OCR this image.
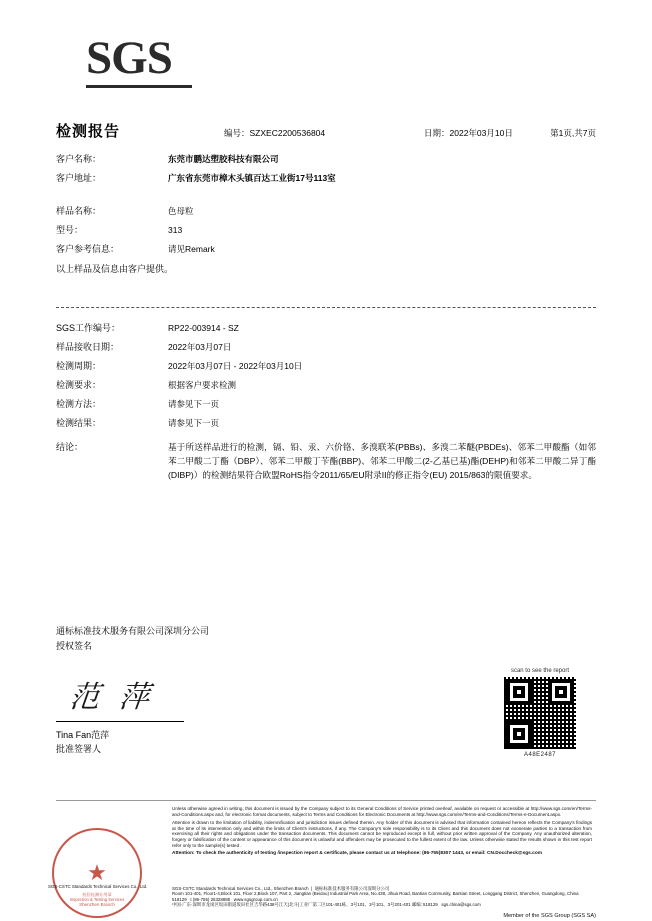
SGS
检测报告	编号：SZXEC2200536804	日期：2022年03月10日	第1页,共7页
客户名称：	东莞市鹏达塑胶科技有限公司
客户地址：	广东省东莞市樟木头镇百达工业街17号113室
样品名称：	色母粒
型号：	313
客户参考信息：	请见Remark
以上样品及信息由客户提供。
SGS工作编号：	RP22-003914 - SZ
样品接收日期：	2022年03月07日
检测周期：	2022年03月07日 - 2022年03月10日
检测要求：	根据客户要求检测
检测方法：	请参见下一页
检测结果：	请参见下一页
结论：	基于所送样品进行的检测，镉、铅、汞、六价铬、多溴联苯(PBBs)、多溴二苯醚(PBDEs)、邻苯二甲酸酯（如邻苯二甲酸二丁酯（DBP）、邻苯二甲酸丁苄酯(BBP)、邻苯二甲酸二(2-乙基已基)酯(DEHP)和邻苯二甲酸二异丁酯(DIBP)）的检测结果符合欧盟RoHS指令2011/65/EU附录II的修正指令(EU) 2015/863的限值要求。
通标标准技术服务有限公司深圳分公司
授权签名
范 萍
Tina Fan范萍
批准签署人
scan to see the report
A48E2487
Unless otherwise agreed in writing, this document is issued by the Company subject to its General Conditions of Service printed overleaf, available on request or accessible at http://www.sgs.com/en/Terms-and-Conditions.aspx and, for electronic format documents, subject to Terms and Conditions for Electronic Documents at http://www.sgs.com/en/Terms-and-Conditions/Terms-e-Document.aspx.
Attention is drawn to the limitation of liability, indemnification and jurisdiction issues defined therein. Any holder of this document is advised that information contained hereon reflects the Company's findings at the time of its intervention only and within the limits of Client's instructions, if any. The Company's sole responsibility is to its Client and this document does not exonerate parties to a transaction from exercising all their rights and obligations under the transaction documents. This document cannot be reproduced except in full, without prior written approval of the Company. Any unauthorized alteration, forgery or falsification of the content or appearance of this document is unlawful and offenders may be prosecuted to the fullest extent of the law. Unless otherwise stated the results shown in this test report refer only to the sample(s) tested .
Attention: To check the authenticity of testing /inspection report & certificate, please contact us at telephone: (86-755)8307 1443, or email: CN.Doccheck@sgs.com
SGS-CSTC Standards Technical Services Co., Ltd., Shenzhen Branch  |  通标标准技术服务有限公司深圳分公司
Room 101-401, Floor1-4,Block 101, Floor 2,Block 107, Part 2, Jiangtian (Beidou) Industrial Park Area, No.438, Jihua Road, Bantian Community, Bantian Street, Longgang District, Shenzhen, Guangdong, China 518129 t (86-755) 25328888 www.sgsgroup.com.cn
中国·广东·深圳市龙岗区坂田街道坂田社区吉华路438号江天(北斗)工业厂第二区101-401栋、3号101、3号101、3号201-401 邮编: 518129 sgs.china@sgs.com
Member of the SGS Group (SGS SA)
★
检验检测专用章
Inspection & Testing Services
Shenzhen Branch
SGS-CSTC Standards Technical Services Co., Ltd.
